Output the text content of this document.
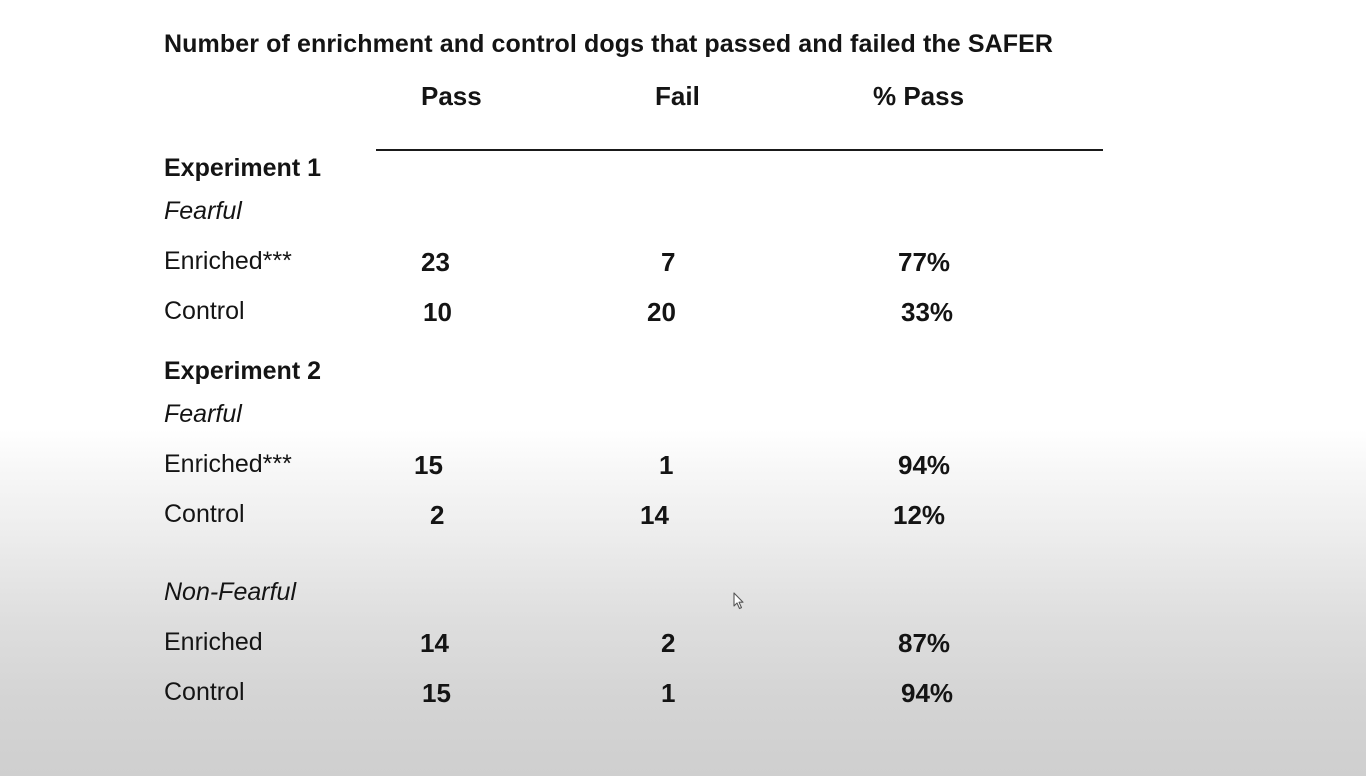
Number of enrichment and control dogs that passed and failed the SAFER
Pass	Fail	% Pass
Experiment 1
Fearful
Enriched***	23	7	77%
Control	10	20	33%
Experiment 2
Fearful
Enriched***	15	1	94%
Control	2	14	12%
Non-Fearful
Enriched	14	2	87%
Control	15	1	94%
